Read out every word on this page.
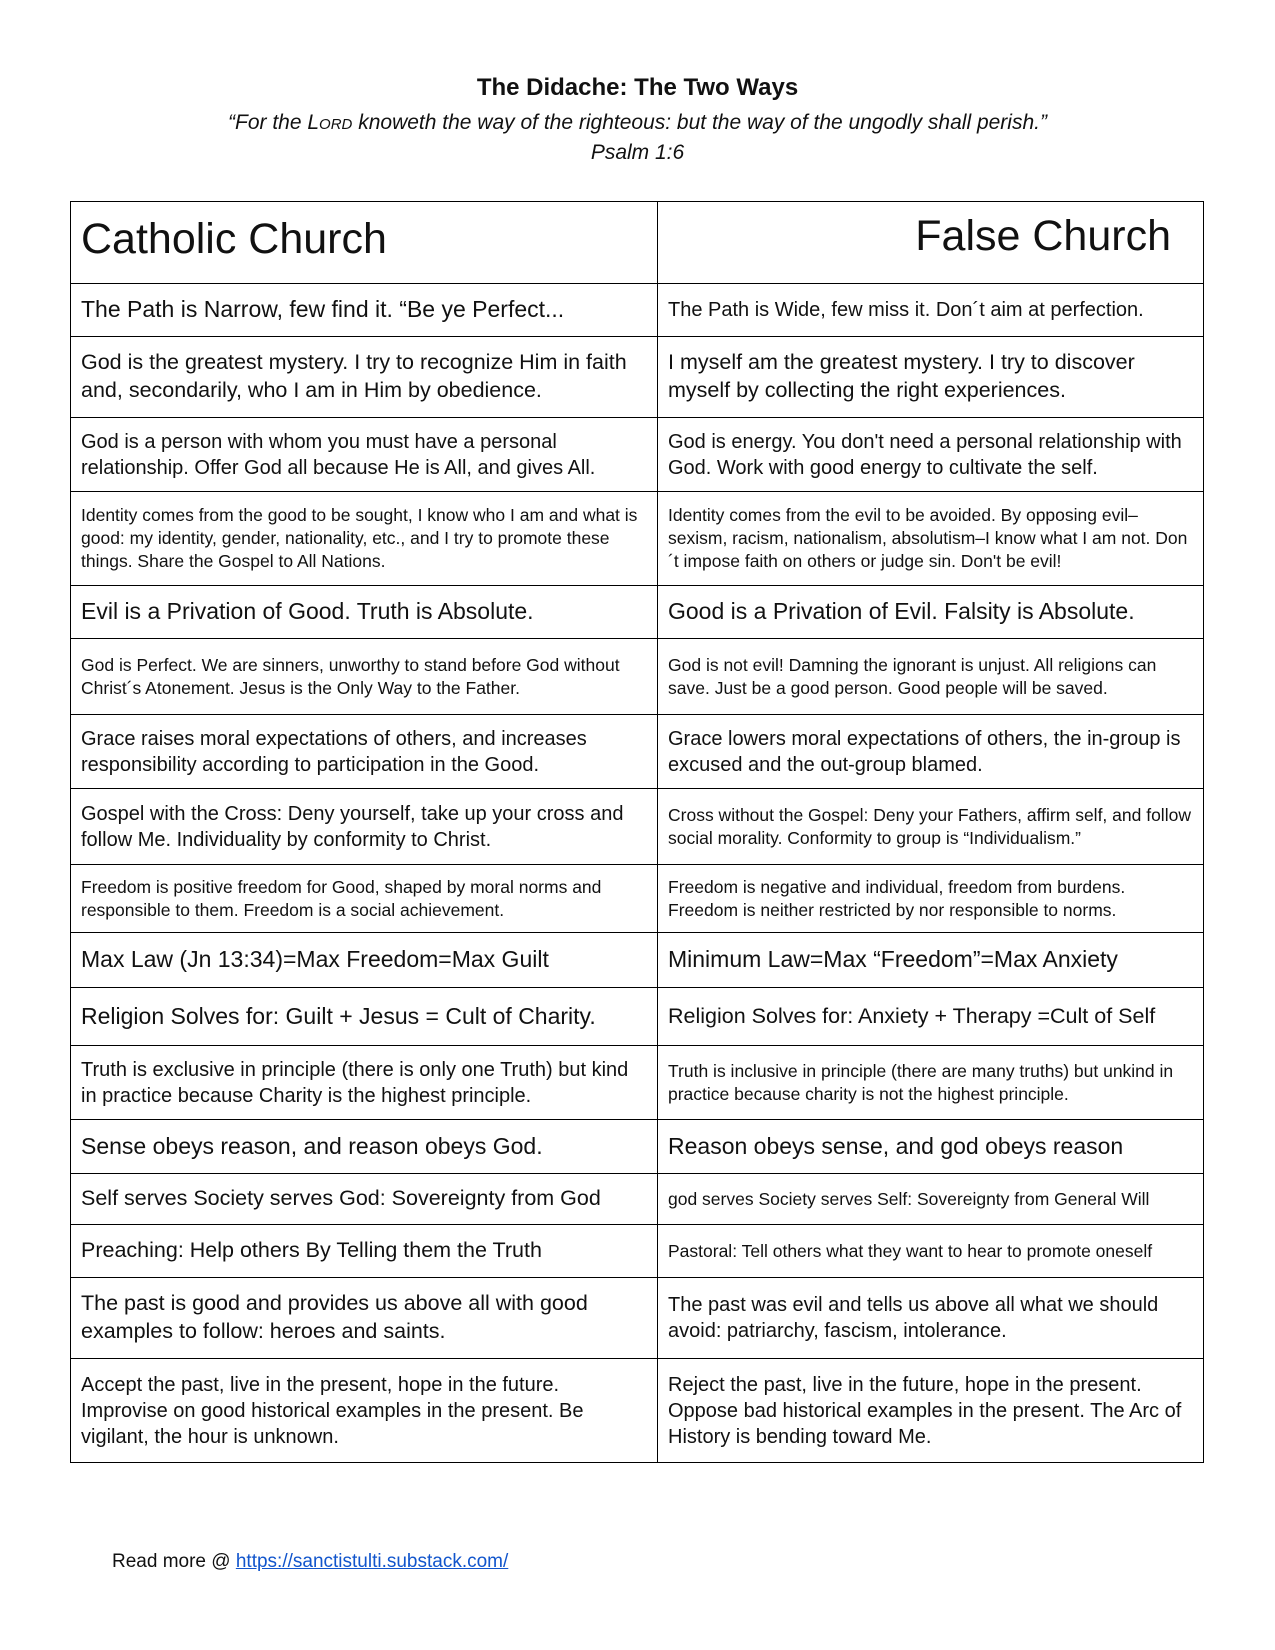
The Didache: The Two Ways
“For the LORD knoweth the way of the righteous: but the way of the ungodly shall perish.”
Psalm 1:6
Catholic Church	False Church
The Path is Narrow, few find it. “Be ye Perfect...	The Path is Wide, few miss it. Don´t aim at perfection.
God is the greatest mystery. I try to recognize Him in faith and, secondarily, who I am in Him by obedience.	I myself am the greatest mystery. I try to discover myself by collecting the right experiences.
God is a person with whom you must have a personal relationship. Offer God all because He is All, and gives All.	God is energy. You don't need a personal relationship with God. Work with good energy to cultivate the self.
Identity comes from the good to be sought, I know who I am and what is good: my identity, gender, nationality, etc., and I try to promote these things. Share the Gospel to All Nations.	Identity comes from the evil to be avoided. By opposing evil–sexism, racism, nationalism, absolutism–I know what I am not. Don´t impose faith on others or judge sin. Don't be evil!
Evil is a Privation of Good. Truth is Absolute.	Good is a Privation of Evil. Falsity is Absolute.
God is Perfect. We are sinners, unworthy to stand before God without Christ´s Atonement. Jesus is the Only Way to the Father.	God is not evil! Damning the ignorant is unjust. All religions can save. Just be a good person. Good people will be saved.
Grace raises moral expectations of others, and increases responsibility according to participation in the Good.	Grace lowers moral expectations of others, the in-group is excused and the out-group blamed.
Gospel with the Cross: Deny yourself, take up your cross and follow Me. Individuality by conformity to Christ.	Cross without the Gospel: Deny your Fathers, affirm self, and follow social morality. Conformity to group is “Individualism.”
Freedom is positive freedom for Good, shaped by moral norms and responsible to them. Freedom is a social achievement.	Freedom is negative and individual, freedom from burdens. Freedom is neither restricted by nor responsible to norms.
Max Law (Jn 13:34)=Max Freedom=Max Guilt	Minimum Law=Max “Freedom”=Max Anxiety
Religion Solves for: Guilt + Jesus = Cult of Charity.	Religion Solves for: Anxiety + Therapy =Cult of Self
Truth is exclusive in principle (there is only one Truth) but kind in practice because Charity is the highest principle.	Truth is inclusive in principle (there are many truths) but unkind in practice because charity is not the highest principle.
Sense obeys reason, and reason obeys God.	Reason obeys sense, and god obeys reason
Self serves Society serves God: Sovereignty from God	god serves Society serves Self: Sovereignty from General Will
Preaching: Help others By Telling them the Truth	Pastoral: Tell others what they want to hear to promote oneself
The past is good and provides us above all with good examples to follow: heroes and saints.	The past was evil and tells us above all what we should avoid: patriarchy, fascism, intolerance.
Accept the past, live in the present, hope in the future. Improvise on good historical examples in the present. Be vigilant, the hour is unknown.	Reject the past, live in the future, hope in the present. Oppose bad historical examples in the present. The Arc of History is bending toward Me.
Read more @ https://sanctistulti.substack.com/
